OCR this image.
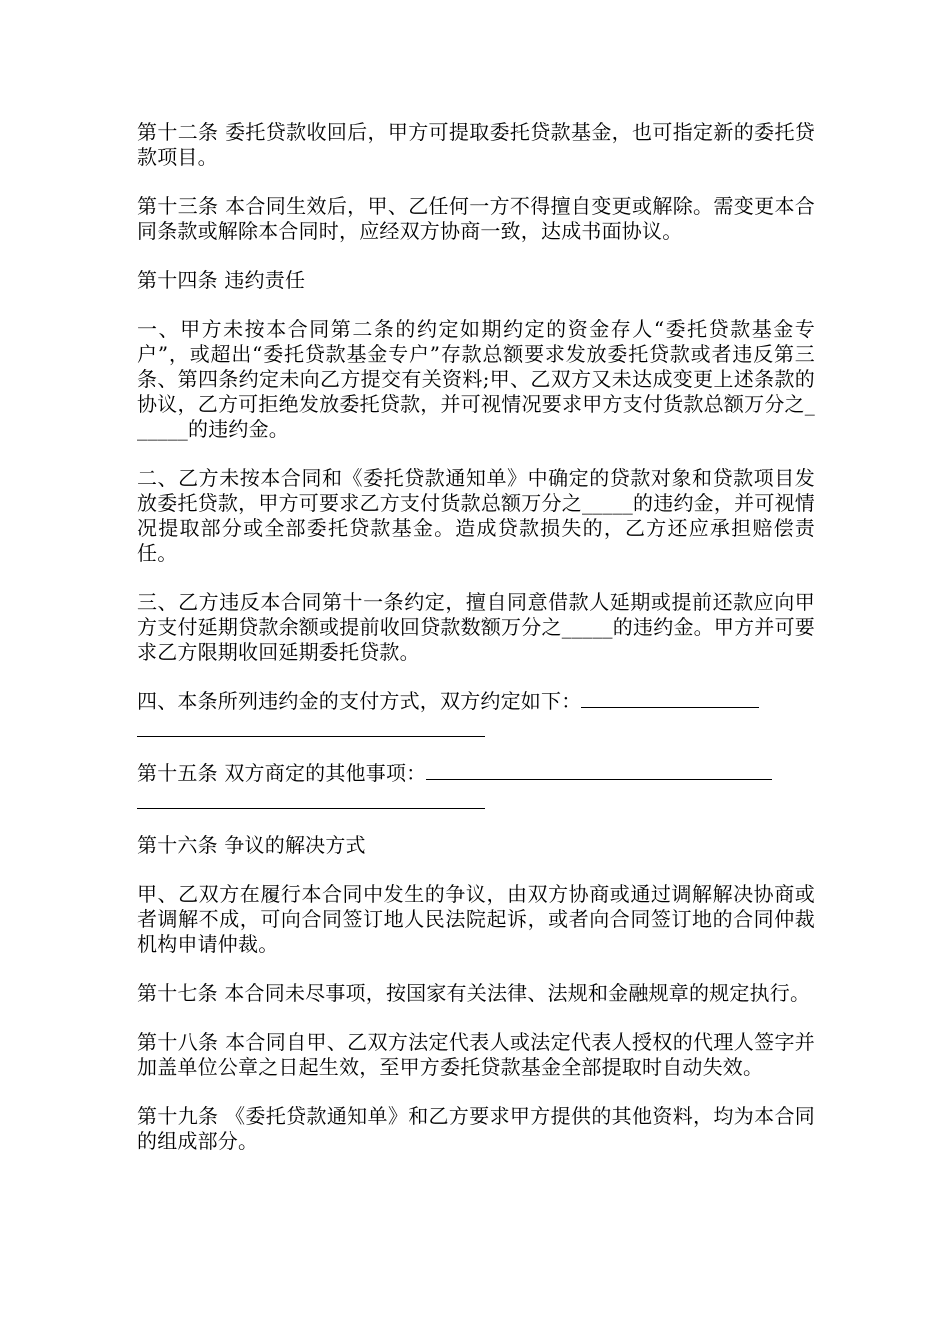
第十二条 委托贷款收回后，甲方可提取委托贷款基金，也可指定新的委托贷款项目。

第十三条 本合同生效后，甲、乙任何一方不得擅自变更或解除。需变更本合同条款或解除本合同时，应经双方协商一致，达成书面协议。

第十四条 违约责任

一、甲方未按本合同第二条的约定如期约定的资金存人“委托贷款基金专户”，或超出“委托贷款基金专户”存款总额要求发放委托贷款或者违反第三条、第四条约定未向乙方提交有关资料;甲、乙双方又未达成变更上述条款的协议，乙方可拒绝发放委托贷款，并可视情况要求甲方支付货款总额万分之______的违约金。

二、乙方未按本合同和《委托贷款通知单》中确定的贷款对象和贷款项目发放委托贷款，甲方可要求乙方支付货款总额万分之_____的违约金，并可视情况提取部分或全部委托贷款基金。造成贷款损失的，乙方还应承担赔偿责任。

三、乙方违反本合同第十一条约定，擅自同意借款人延期或提前还款应向甲方支付延期贷款余额或提前收回贷款数额万分之_____的违约金。甲方并可要求乙方限期收回延期委托贷款。

四、本条所列违约金的支付方式，双方约定如下：
第十五条 双方商定的其他事项：

第十六条 争议的解决方式

甲、乙双方在履行本合同中发生的争议，由双方协商或通过调解解决协商或者调解不成，可向合同签订地人民法院起诉，或者向合同签订地的合同仲裁机构申请仲裁。

第十七条 本合同未尽事项，按国家有关法律、法规和金融规章的规定执行。

第十八条 本合同自甲、乙双方法定代表人或法定代表人授权的代理人签字并加盖单位公章之日起生效，至甲方委托贷款基金全部提取时自动失效。

第十九条 《委托贷款通知单》和乙方要求甲方提供的其他资料，均为本合同的组成部分。
